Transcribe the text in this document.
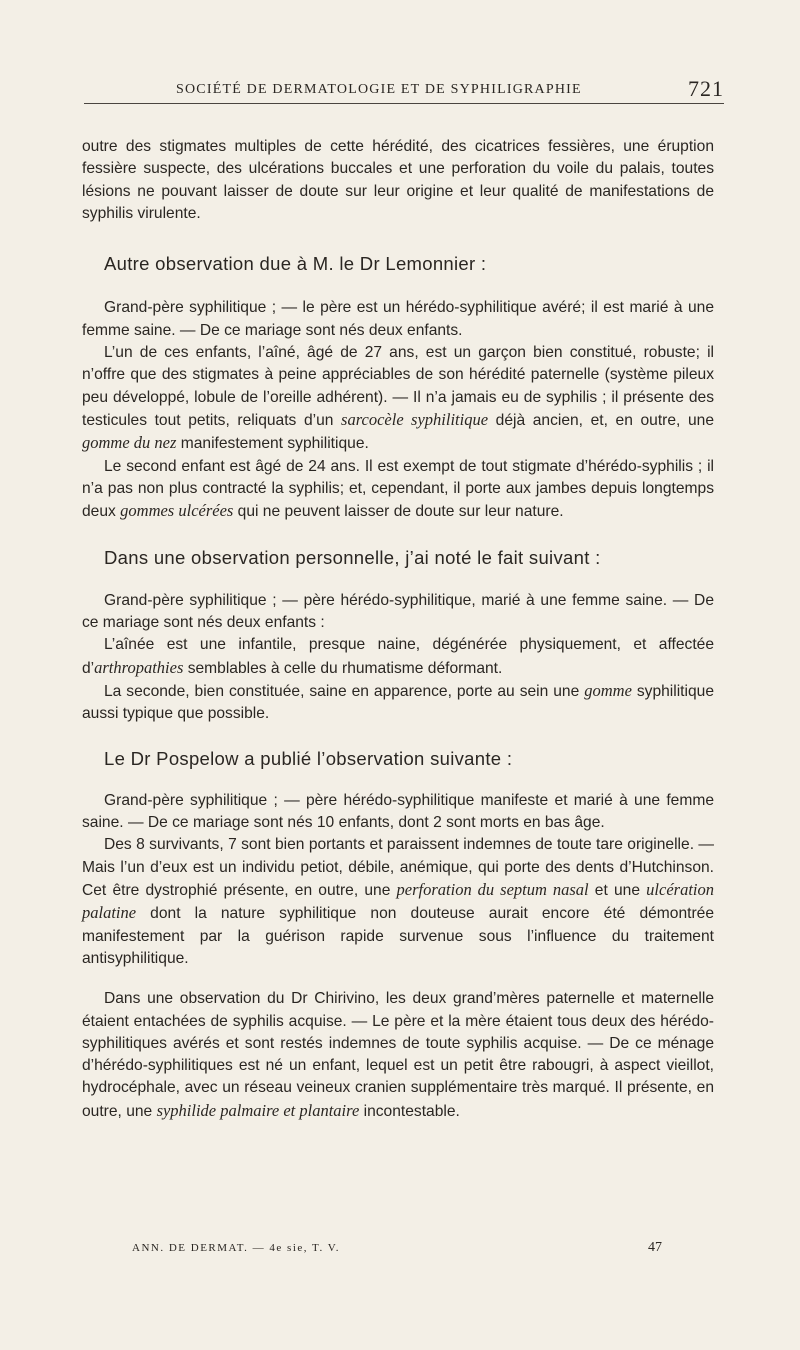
SOCIÉTÉ DE DERMATOLOGIE ET DE SYPHILIGRAPHIE	721

outre des stigmates multiples de cette hérédité, des cicatrices fessières, une éruption fessière suspecte, des ulcérations buccales et une perforation du voile du palais, toutes lésions ne pouvant laisser de doute sur leur origine et leur qualité de manifestations de syphilis virulente.

Autre observation due à M. le Dr Lemonnier :

Grand-père syphilitique ; — le père est un hérédo-syphilitique avéré; il est marié à une femme saine. — De ce mariage sont nés deux enfants.

L’un de ces enfants, l’aîné, âgé de 27 ans, est un garçon bien constitué, robuste; il n’offre que des stigmates à peine appréciables de son hérédité paternelle (système pileux peu développé, lobule de l’oreille adhérent). — Il n’a jamais eu de syphilis ; il présente des testicules tout petits, reliquats d’un sarcocèle syphilitique déjà ancien, et, en outre, une gomme du nez manifestement syphilitique.

Le second enfant est âgé de 24 ans. Il est exempt de tout stigmate d’hérédo-syphilis ; il n’a pas non plus contracté la syphilis; et, cependant, il porte aux jambes depuis longtemps deux gommes ulcérées qui ne peuvent laisser de doute sur leur nature.

Dans une observation personnelle, j’ai noté le fait suivant :

Grand-père syphilitique ; — père hérédo-syphilitique, marié à une femme saine. — De ce mariage sont nés deux enfants :

L’aînée est une infantile, presque naine, dégénérée physiquement, et affectée d’arthropathies semblables à celle du rhumatisme déformant.

La seconde, bien constituée, saine en apparence, porte au sein une gomme syphilitique aussi typique que possible.

Le Dr Pospelow a publié l’observation suivante :

Grand-père syphilitique ; — père hérédo-syphilitique manifeste et marié à une femme saine. — De ce mariage sont nés 10 enfants, dont 2 sont morts en bas âge.

Des 8 survivants, 7 sont bien portants et paraissent indemnes de toute tare originelle. — Mais l’un d’eux est un individu petiot, débile, anémique, qui porte des dents d’Hutchinson. Cet être dystrophié présente, en outre, une perforation du septum nasal et une ulcération palatine dont la nature syphilitique non douteuse aurait encore été démontrée manifestement par la guérison rapide survenue sous l’influence du traitement antisyphilitique.

Dans une observation du Dr Chirivino, les deux grand’mères paternelle et maternelle étaient entachées de syphilis acquise. — Le père et la mère étaient tous deux des hérédo-syphilitiques avérés et sont restés indemnes de toute syphilis acquise. — De ce ménage d’hérédo-syphilitiques est né un enfant, lequel est un petit être rabougri, à aspect vieillot, hydrocéphale, avec un réseau veineux cranien supplémentaire très marqué. Il présente, en outre, une syphilide palmaire et plantaire incontestable.

ANN. DE DERMAT. — 4e sie, T. V.	47
